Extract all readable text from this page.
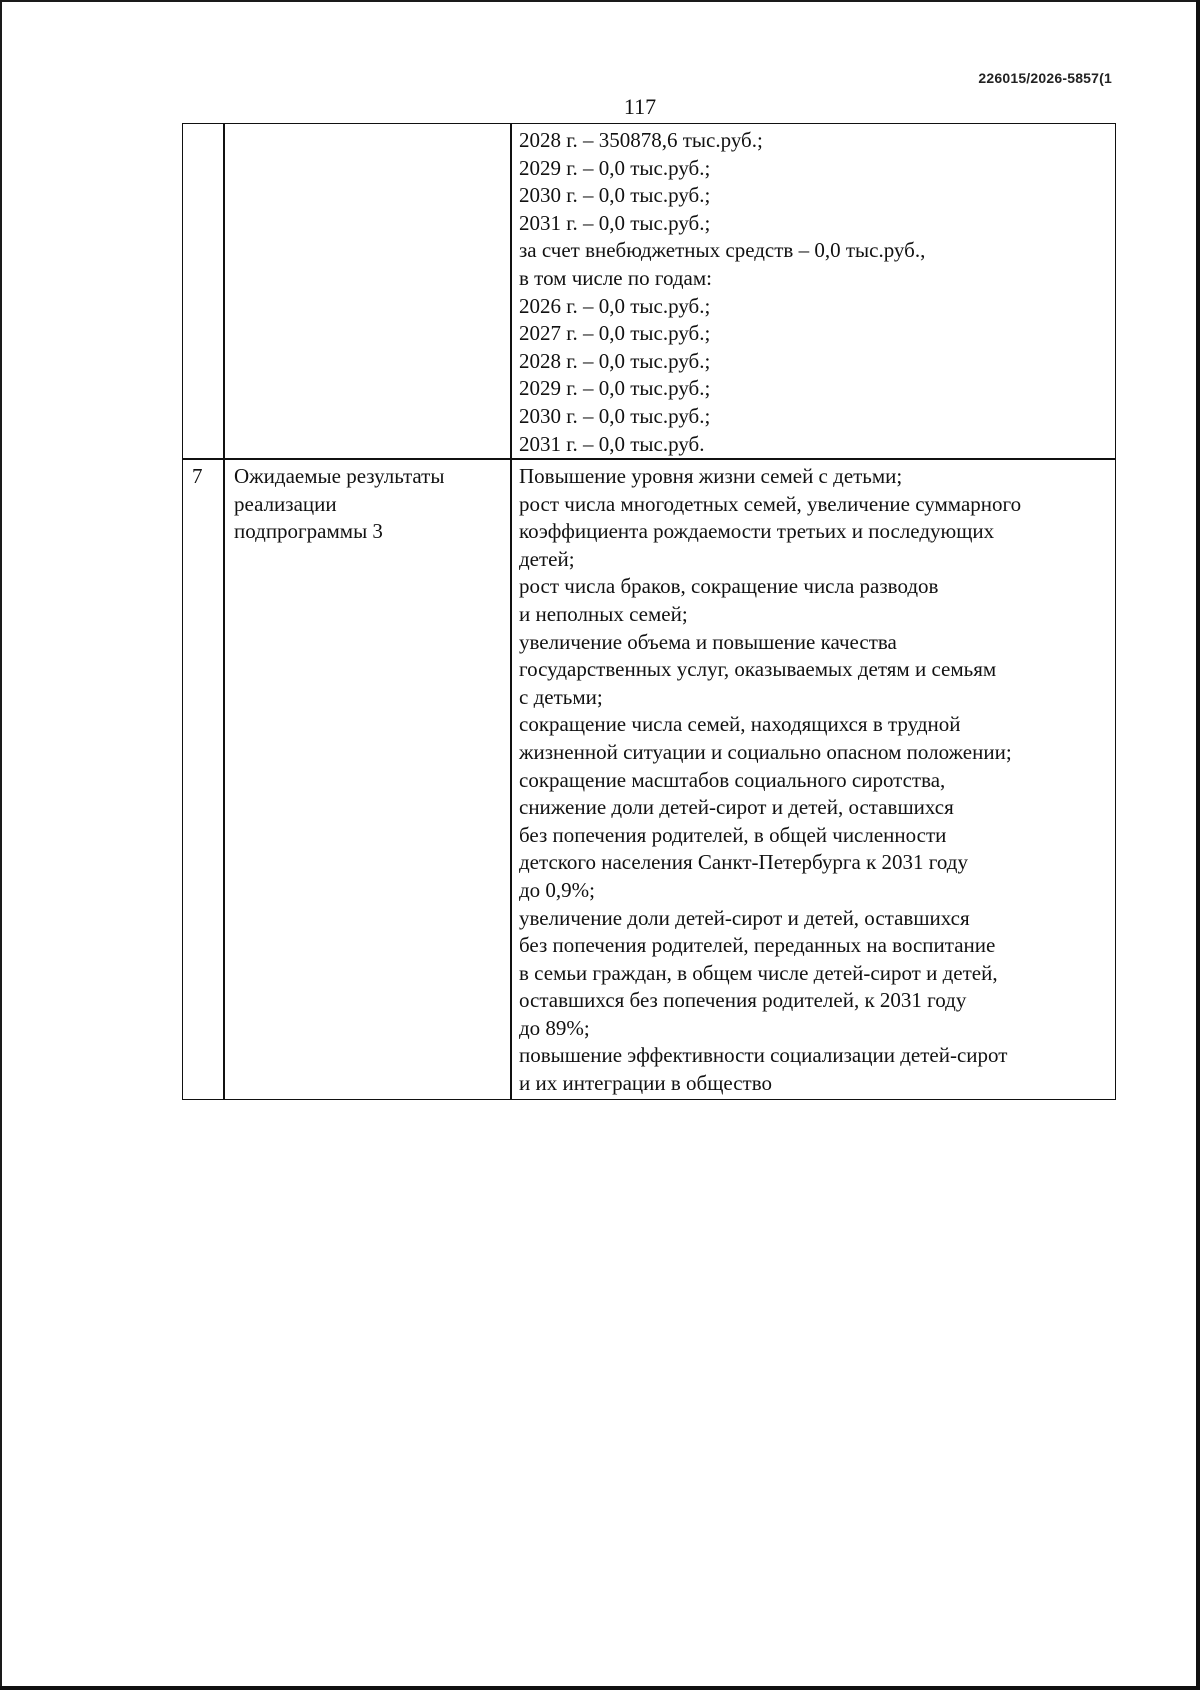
226015/2026-5857(1
117
2028 г. – 350878,6 тыс.руб.;
2029 г. – 0,0 тыс.руб.;
2030 г. – 0,0 тыс.руб.;
2031 г. – 0,0 тыс.руб.;
за счет внебюджетных средств – 0,0 тыс.руб.,
в том числе по годам:
2026 г. – 0,0 тыс.руб.;
2027 г. – 0,0 тыс.руб.;
2028 г. – 0,0 тыс.руб.;
2029 г. – 0,0 тыс.руб.;
2030 г. – 0,0 тыс.руб.;
2031 г. – 0,0 тыс.руб.
7 Ожидаемые результаты
реализации
подпрограммы 3
Повышение уровня жизни семей с детьми;
рост числа многодетных семей, увеличение суммарного
коэффициента рождаемости третьих и последующих
детей;
рост числа браков, сокращение числа разводов
и неполных семей;
увеличение объема и повышение качества
государственных услуг, оказываемых детям и семьям
с детьми;
сокращение числа семей, находящихся в трудной
жизненной ситуации и социально опасном положении;
сокращение масштабов социального сиротства,
снижение доли детей-сирот и детей, оставшихся
без попечения родителей, в общей численности
детского населения Санкт-Петербурга к 2031 году
до 0,9%;
увеличение доли детей-сирот и детей, оставшихся
без попечения родителей, переданных на воспитание
в семьи граждан, в общем числе детей-сирот и детей,
оставшихся без попечения родителей, к 2031 году
до 89%;
повышение эффективности социализации детей-сирот
и их интеграции в общество
